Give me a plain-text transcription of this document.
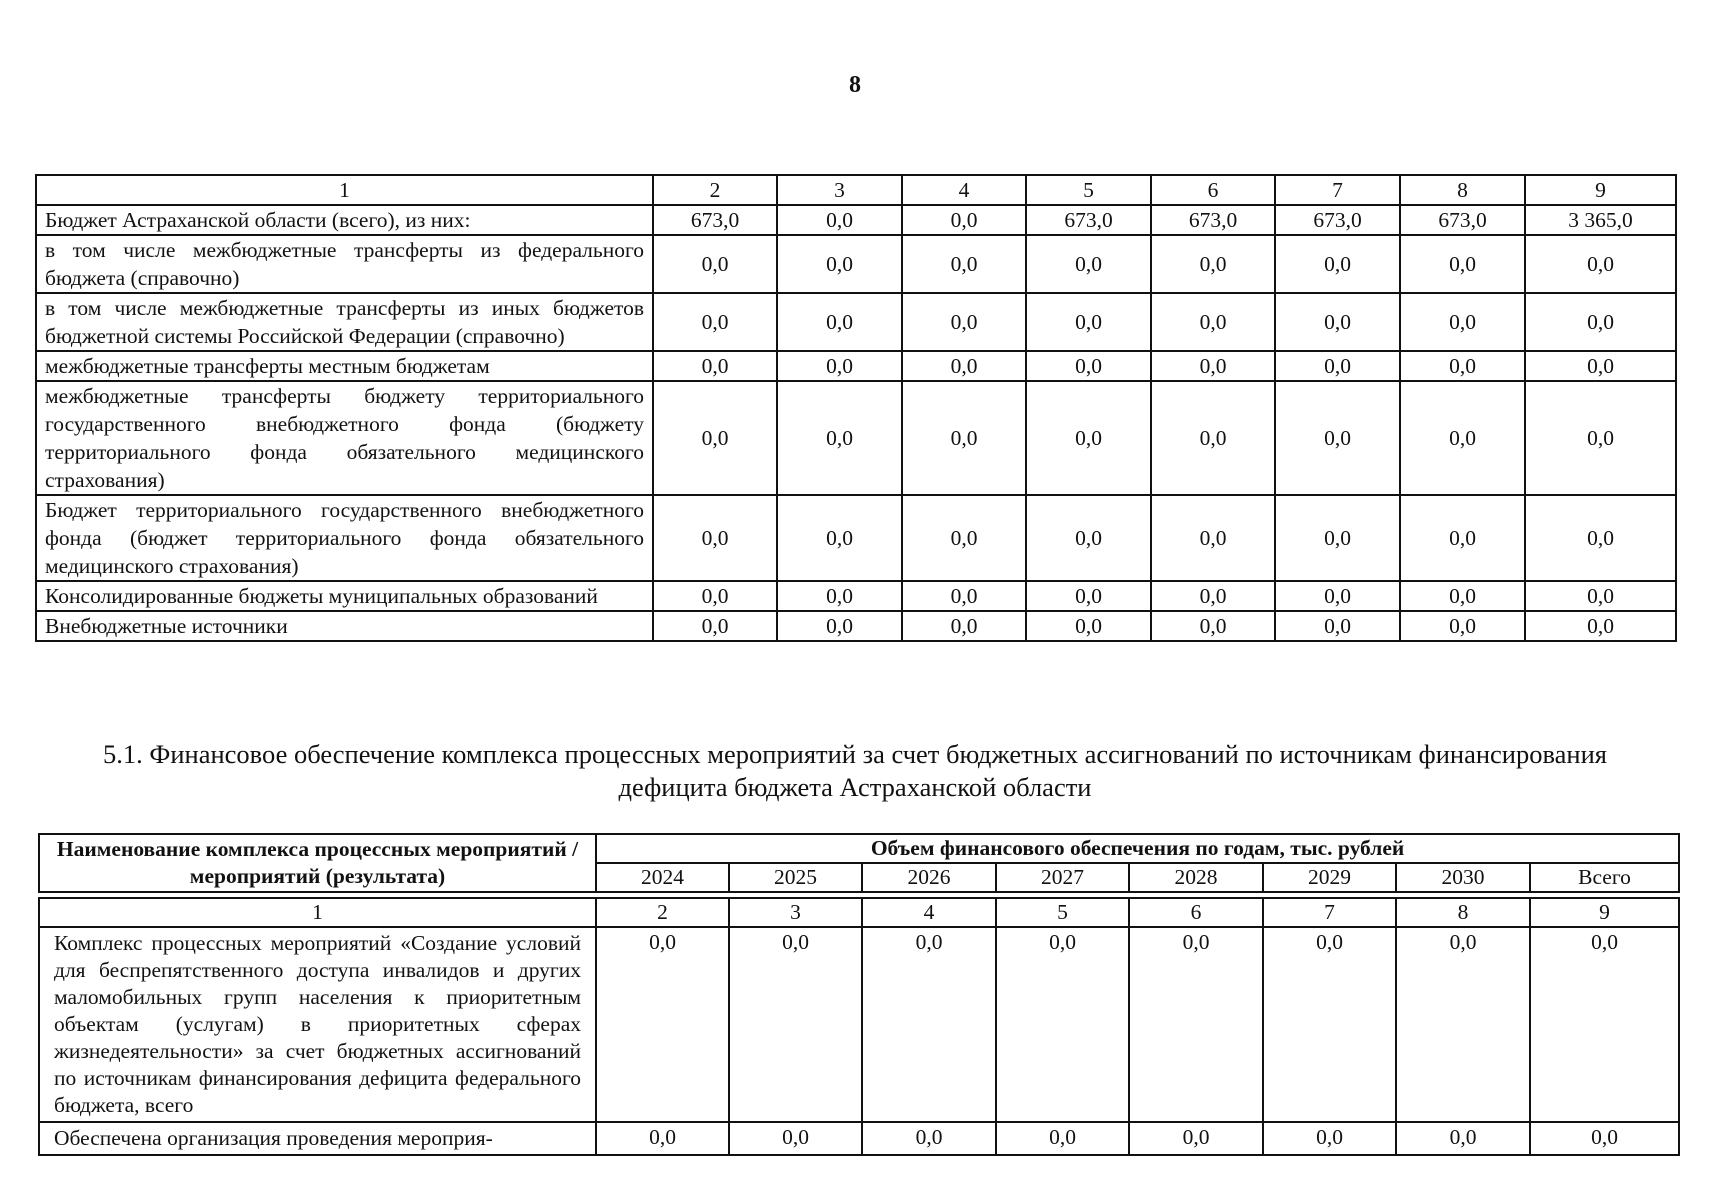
8
1	2	3	4	5	6	7	8	9
Бюджет Астраханской области (всего), из них:	673,0	0,0	0,0	673,0	673,0	673,0	673,0	3 365,0
в том числе межбюджетные трансферты из федерального бюджета (справочно)	0,0	0,0	0,0	0,0	0,0	0,0	0,0	0,0
в том числе межбюджетные трансферты из иных бюджетов бюджетной системы Российской Федерации (справочно)	0,0	0,0	0,0	0,0	0,0	0,0	0,0	0,0
межбюджетные трансферты местным бюджетам	0,0	0,0	0,0	0,0	0,0	0,0	0,0	0,0
межбюджетные трансферты бюджету территориального государственного внебюджетного фонда (бюджету территориального фонда обязательного медицинского страхования)	0,0	0,0	0,0	0,0	0,0	0,0	0,0	0,0
Бюджет территориального государственного внебюджетного фонда (бюджет территориального фонда обязательного медицинского страхования)	0,0	0,0	0,0	0,0	0,0	0,0	0,0	0,0
Консолидированные бюджеты муниципальных образований	0,0	0,0	0,0	0,0	0,0	0,0	0,0	0,0
Внебюджетные источники	0,0	0,0	0,0	0,0	0,0	0,0	0,0	0,0
5.1. Финансовое обеспечение комплекса процессных мероприятий за счет бюджетных ассигнований по источникам финансирования дефицита бюджета Астраханской области
Наименование комплекса процессных мероприятий / мероприятий (результата)	Объем финансового обеспечения по годам, тыс. рублей							
	2024	2025	2026	2027	2028	2029	2030	Всего

1	2	3	4	5	6	7	8	9
Комплекс процессных мероприятий «Создание условий для беспрепятственного доступа инвалидов и других маломобильных групп населения к приоритетным объектам (услугам) в приоритетных сферах жизнедеятельности» за счет бюджетных ассигнований по источникам финансирования дефицита федерального бюджета, всего	0,0	0,0	0,0	0,0	0,0	0,0	0,0	0,0
Обеспечена организация проведения мероприя-	0,0	0,0	0,0	0,0	0,0	0,0	0,0	0,0
